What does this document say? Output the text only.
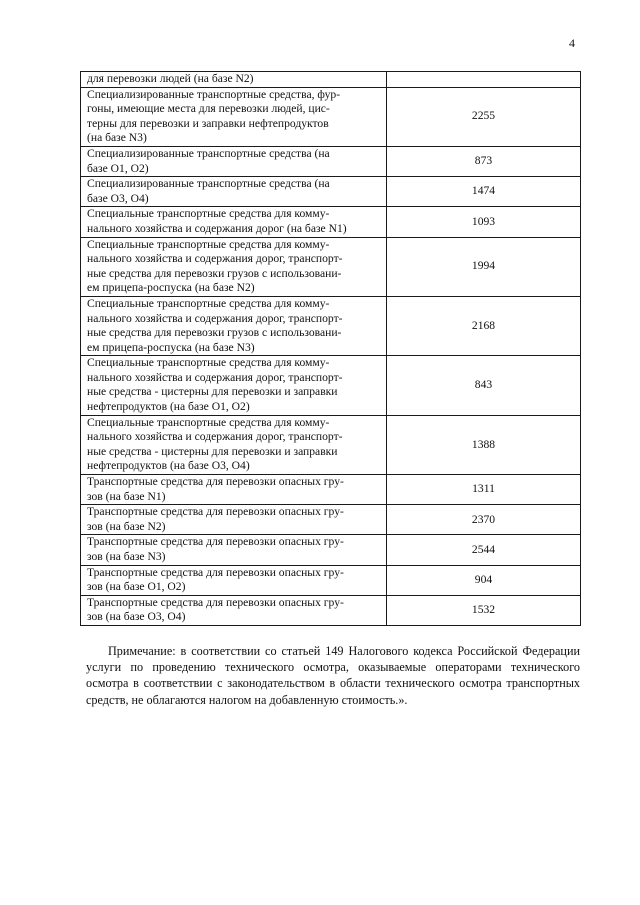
4
для перевозки людей (на базе N2)	
Специализированные транспортные средства, фур-
гоны, имеющие места для перевозки людей, цис-
терны для перевозки и заправки нефтепродуктов
(на базе N3)	2255
Специализированные транспортные средства (на
базе О1, О2)	873
Специализированные транспортные средства (на
базе О3, О4)	1474
Специальные транспортные средства для комму-
нального хозяйства и содержания дорог (на базе N1)	1093
Специальные транспортные средства для комму-
нального хозяйства и содержания дорог, транспорт-
ные средства для перевозки грузов с использовани-
ем прицепа-роспуска (на базе N2)	1994
Специальные транспортные средства для комму-
нального хозяйства и содержания дорог, транспорт-
ные средства для перевозки грузов с использовани-
ем прицепа-роспуска (на базе N3)	2168
Специальные транспортные средства для комму-
нального хозяйства и содержания дорог, транспорт-
ные средства - цистерны для перевозки и заправки
нефтепродуктов (на базе О1, О2)	843
Специальные транспортные средства для комму-
нального хозяйства и содержания дорог, транспорт-
ные средства - цистерны для перевозки и заправки
нефтепродуктов (на базе О3, О4)	1388
Транспортные средства для перевозки опасных гру-
зов (на базе N1)	1311
Транспортные средства для перевозки опасных гру-
зов (на базе N2)	2370
Транспортные средства для перевозки опасных гру-
зов (на базе N3)	2544
Транспортные средства для перевозки опасных гру-
зов (на базе О1, О2)	904
Транспортные средства для перевозки опасных гру-
зов (на базе О3, О4)	1532

Примечание: в соответствии со статьей 149 Налогового кодекса Российской Федерации услуги по проведению технического осмотра, оказываемые операторами технического осмотра в соответствии с законодательством в области технического осмотра транспортных средств, не облагаются налогом на добавленную стоимость.».
